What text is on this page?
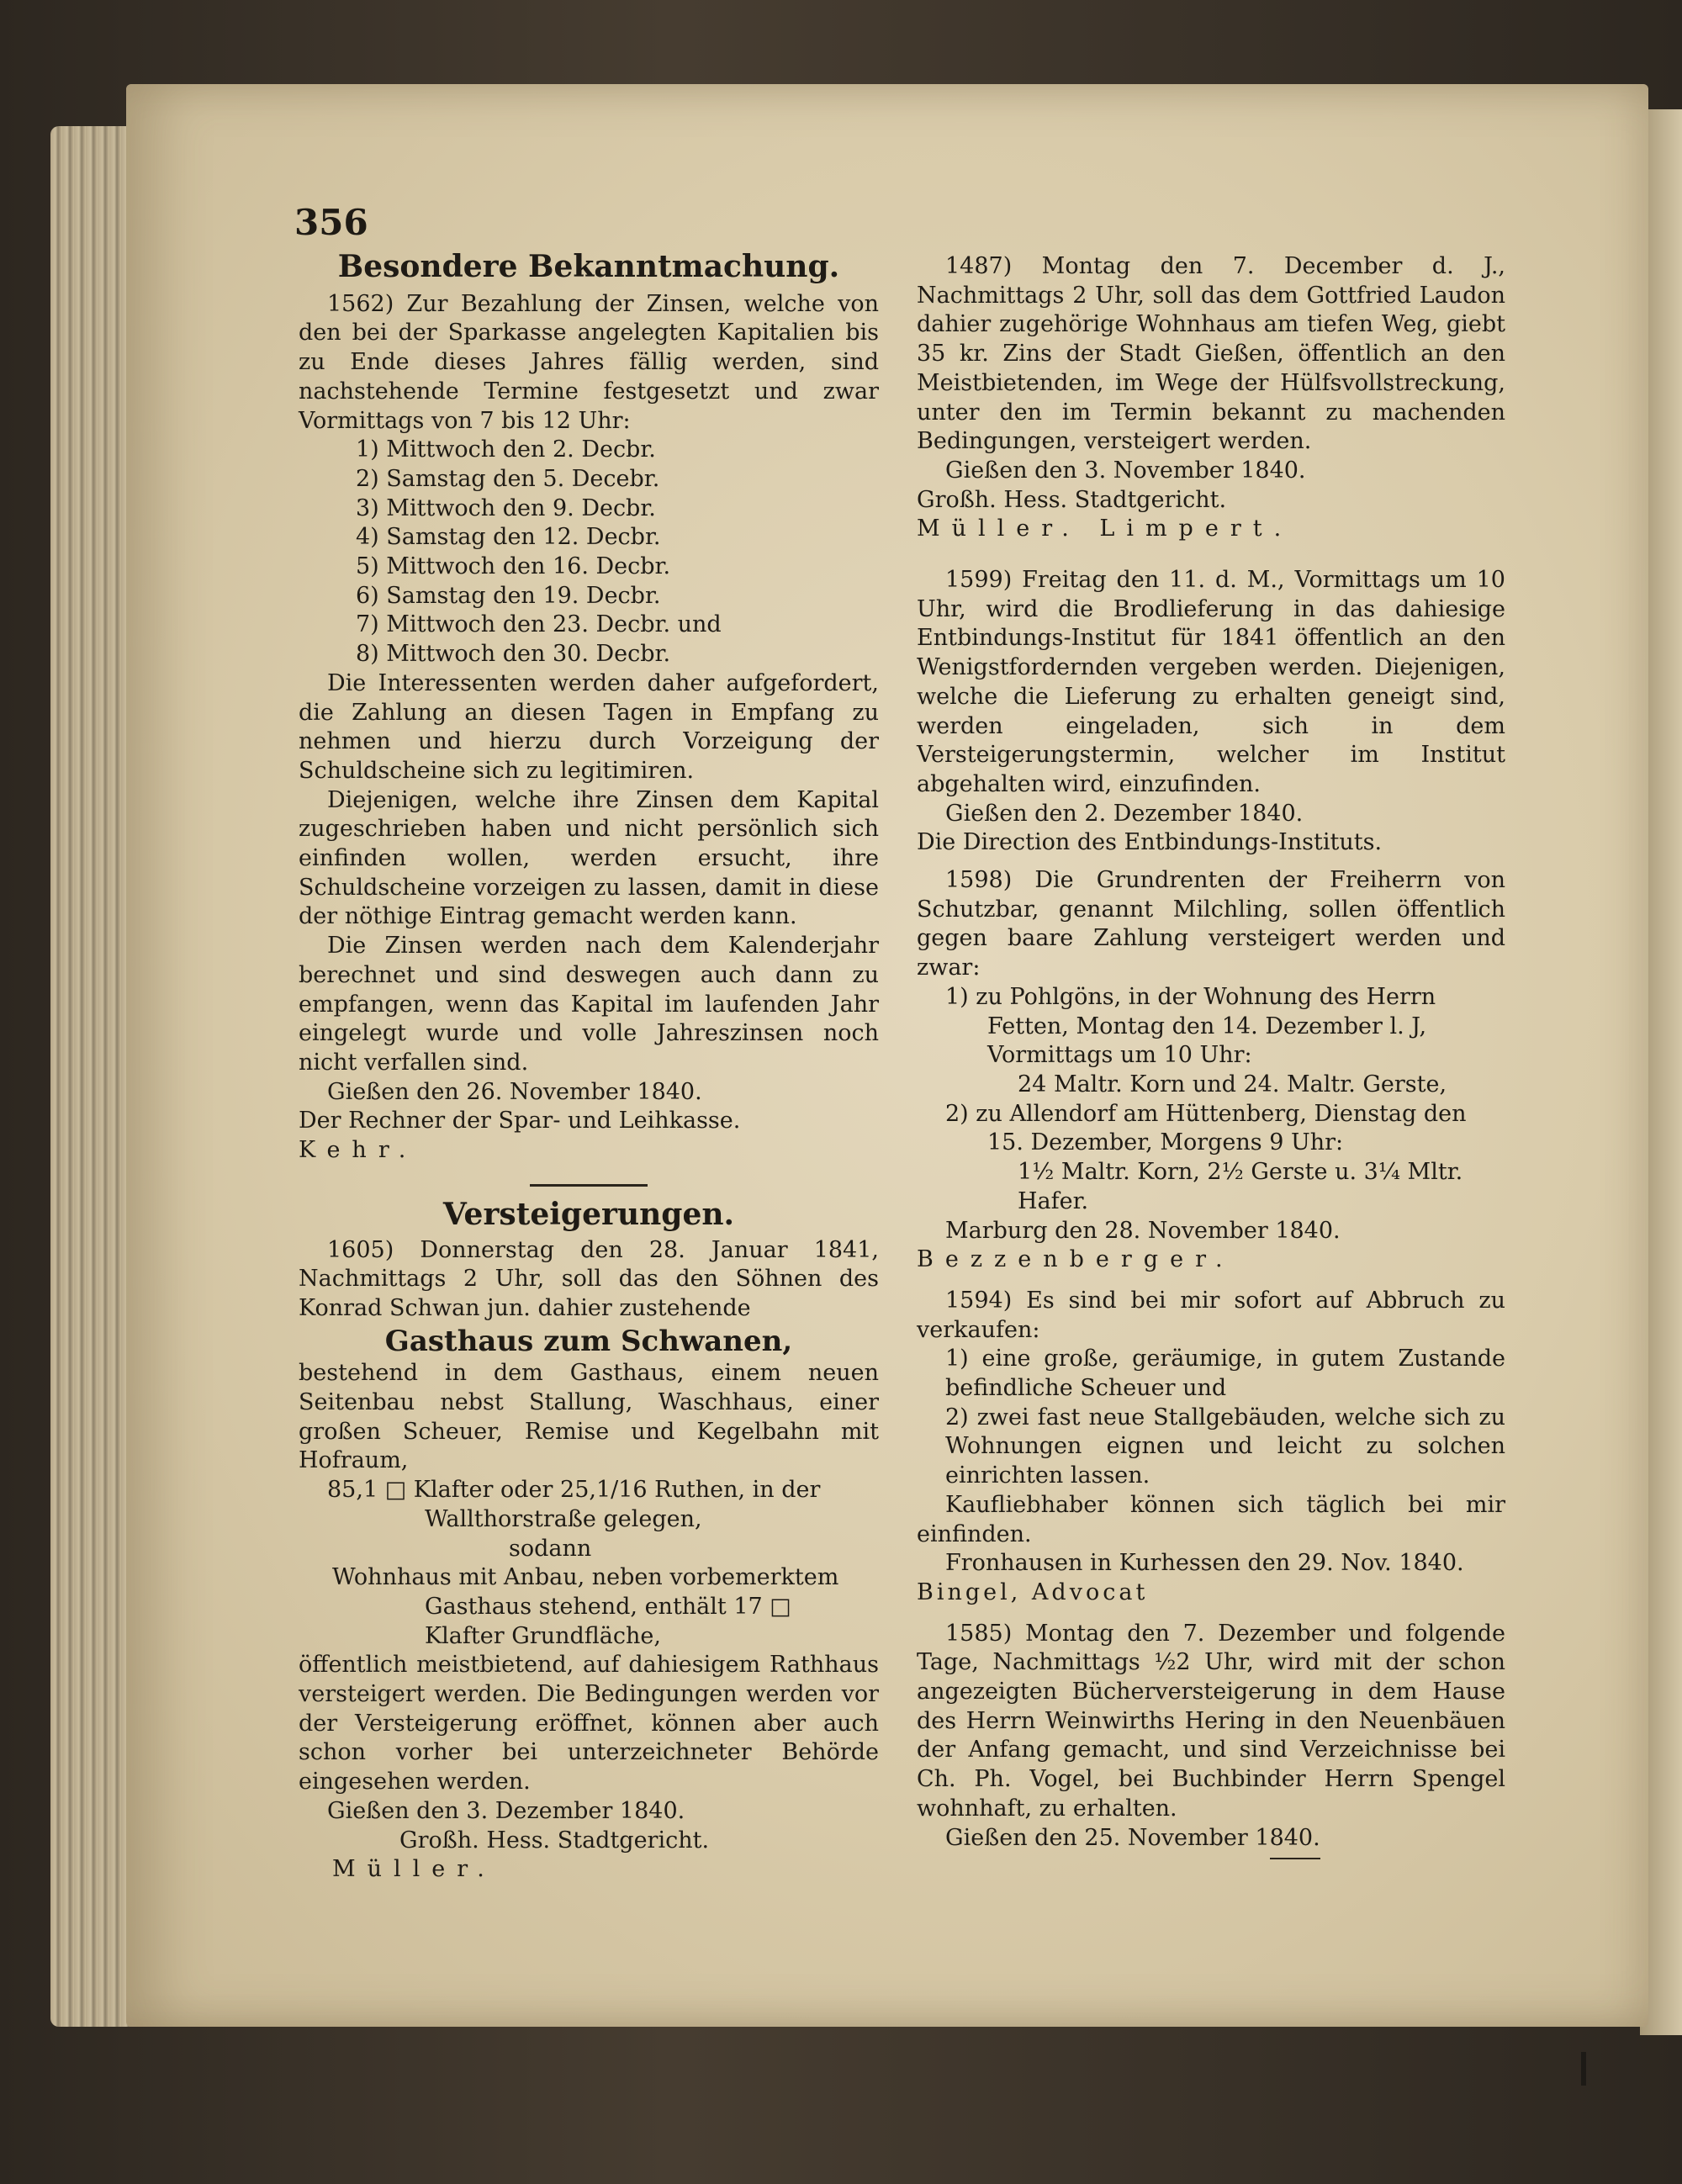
356
Besondere Bekanntmachung.

1562) Zur Bezahlung der Zinsen, welche von den bei der Sparkasse angelegten Kapitalien bis zu Ende dieses Jahres fällig werden, sind nachstehende Termine festgesetzt und zwar Vormittags von 7 bis 12 Uhr:

1) Mittwoch den 2. Decbr.
2) Samstag den 5. Decebr.
3) Mittwoch den 9. Decbr.
4) Samstag den 12. Decbr.
5) Mittwoch den 16. Decbr.
6) Samstag den 19. Decbr.
7) Mittwoch den 23. Decbr. und
8) Mittwoch den 30. Decbr.

Die Interessenten werden daher aufgefordert, die Zahlung an diesen Tagen in Empfang zu nehmen und hierzu durch Vorzeigung der Schuldscheine sich zu legitimiren.

Diejenigen, welche ihre Zinsen dem Kapital zugeschrieben haben und nicht persönlich sich einfinden wollen, werden ersucht, ihre Schuldscheine vorzeigen zu lassen, damit in diese der nöthige Eintrag gemacht werden kann.

Die Zinsen werden nach dem Kalenderjahr berechnet und sind deswegen auch dann zu empfangen, wenn das Kapital im laufenden Jahr eingelegt wurde und volle Jahreszinsen noch nicht verfallen sind.

Gießen den 26. November 1840.

Der Rechner der Spar- und Leihkasse.

Kehr.

Versteigerungen.

1605) Donnerstag den 28. Januar 1841, Nachmittags 2 Uhr, soll das den Söhnen des Konrad Schwan jun. dahier zustehende

Gasthaus zum Schwanen,

bestehend in dem Gasthaus, einem neuen Seitenbau nebst Stallung, Waschhaus, einer großen Scheuer, Remise und Kegelbahn mit Hofraum,

85,1 □ Klafter oder 25,1/16 Ruthen, in der

Wallthorstraße gelegen,

sodann

Wohnhaus mit Anbau, neben vorbemerktem

Gasthaus stehend, enthält 17 □

Klafter Grundfläche,

öffentlich meistbietend, auf dahiesigem Rathhaus versteigert werden. Die Bedingungen werden vor der Versteigerung eröffnet, können aber auch schon vorher bei unterzeichneter Behörde eingesehen werden.

Gießen den 3. Dezember 1840.

Großh. Hess. Stadtgericht.

Müller.

1487) Montag den 7. December d. J., Nachmittags 2 Uhr, soll das dem Gottfried Laudon dahier zugehörige Wohnhaus am tiefen Weg, giebt 35 kr. Zins der Stadt Gießen, öffentlich an den Meistbietenden, im Wege der Hülfsvollstreckung, unter den im Termin bekannt zu machenden Bedingungen, versteigert werden.

Gießen den 3. November 1840.

Großh. Hess. Stadtgericht.

Müller. Limpert.

1599) Freitag den 11. d. M., Vormittags um 10 Uhr, wird die Brodlieferung in das dahiesige Entbindungs-Institut für 1841 öffentlich an den Wenigstfordernden vergeben werden. Diejenigen, welche die Lieferung zu erhalten geneigt sind, werden eingeladen, sich in dem Versteigerungstermin, welcher im Institut abgehalten wird, einzufinden.

Gießen den 2. Dezember 1840.

Die Direction des Entbindungs-Instituts.

1598) Die Grundrenten der Freiherrn von Schutzbar, genannt Milchling, sollen öffentlich gegen baare Zahlung versteigert werden und zwar:

1) zu Pohlgöns, in der Wohnung des Herrn

Fetten, Montag den 14. Dezember l. J,

Vormittags um 10 Uhr:

24 Maltr. Korn und 24. Maltr. Gerste,

2) zu Allendorf am Hüttenberg, Dienstag den

15. Dezember, Morgens 9 Uhr:

1½ Maltr. Korn, 2½ Gerste u. 3¼ Mltr.

Hafer.

Marburg den 28. November 1840.

Bezzenberger.

1594) Es sind bei mir sofort auf Abbruch zu verkaufen:

1) eine große, geräumige, in gutem Zustande befindliche Scheuer und

2) zwei fast neue Stallgebäuden, welche sich zu Wohnungen eignen und leicht zu solchen einrichten lassen.

Kaufliebhaber können sich täglich bei mir einfinden.

Fronhausen in Kurhessen den 29. Nov. 1840.

Bingel, Advocat

1585) Montag den 7. Dezember und folgende Tage, Nachmittags ½2 Uhr, wird mit der schon angezeigten Bücherversteigerung in dem Hause des Herrn Weinwirths Hering in den Neuenbäuen der Anfang gemacht, und sind Verzeichnisse bei Ch. Ph. Vogel, bei Buchbinder Herrn Spengel wohnhaft, zu erhalten.

Gießen den 25. November 1840.
